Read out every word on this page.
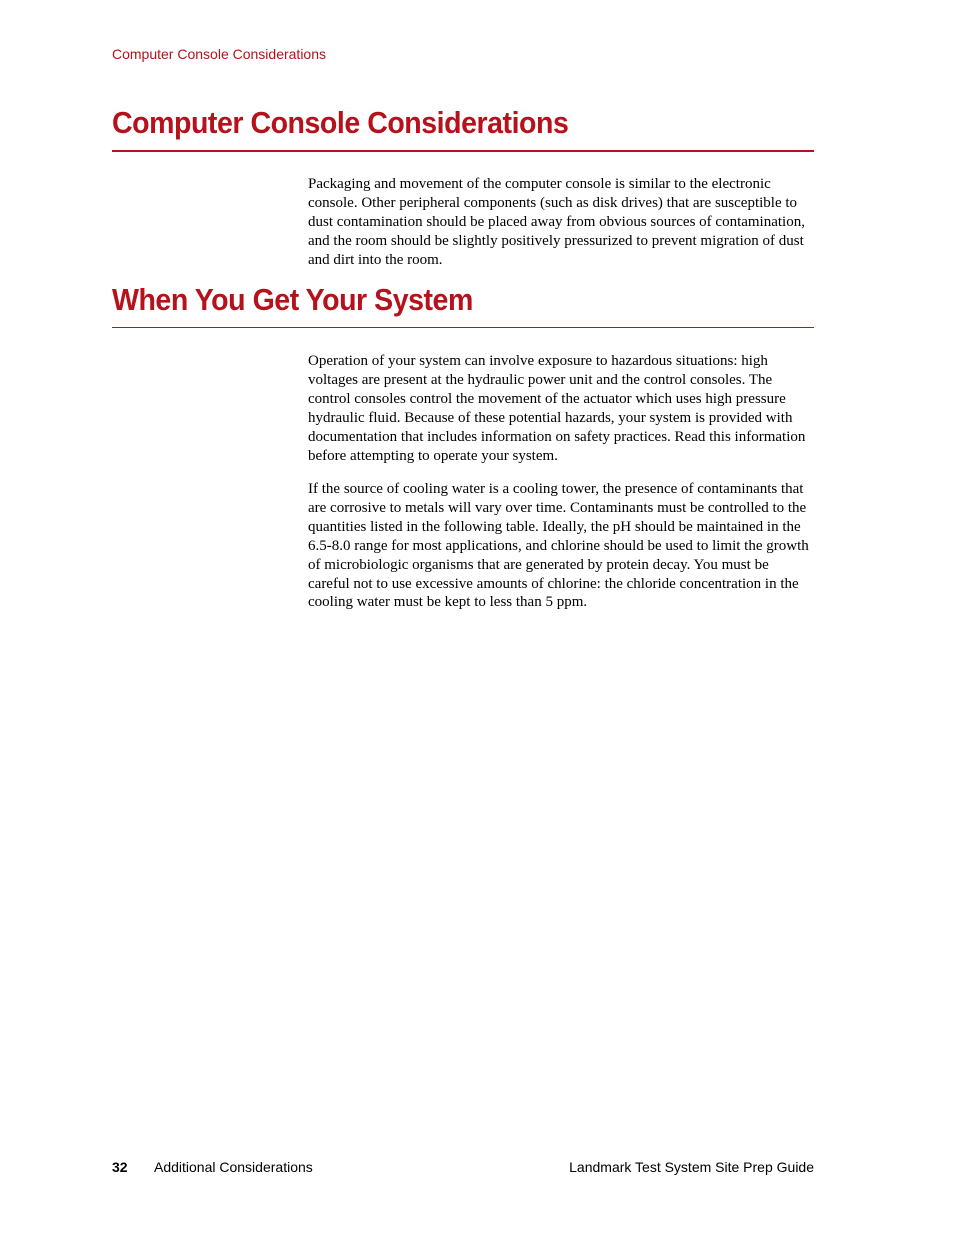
Computer Console Considerations
Computer Console Considerations

Packaging and movement of the computer console is similar to the electronic console. Other peripheral components (such as disk drives) that are susceptible to dust contamination should be placed away from obvious sources of contamination, and the room should be slightly positively pressurized to prevent migration of dust and dirt into the room.

When You Get Your System

Operation of your system can involve exposure to hazardous situations: high voltages are present at the hydraulic power unit and the control consoles. The control consoles control the movement of the actuator which uses high pressure hydraulic fluid. Because of these potential hazards, your system is provided with documentation that includes information on safety practices. Read this information before attempting to operate your system.

If the source of cooling water is a cooling tower, the presence of contaminants that are corrosive to metals will vary over time. Contaminants must be controlled to the quantities listed in the following table. Ideally, the pH should be maintained in the 6.5-8.0 range for most applications, and chlorine should be used to limit the growth of microbiologic organisms that are generated by protein decay. You must be careful not to use excessive amounts of chlorine: the chloride concentration in the cooling water must be kept to less than 5 ppm.

32 Additional Considerations	Landmark Test System Site Prep Guide
